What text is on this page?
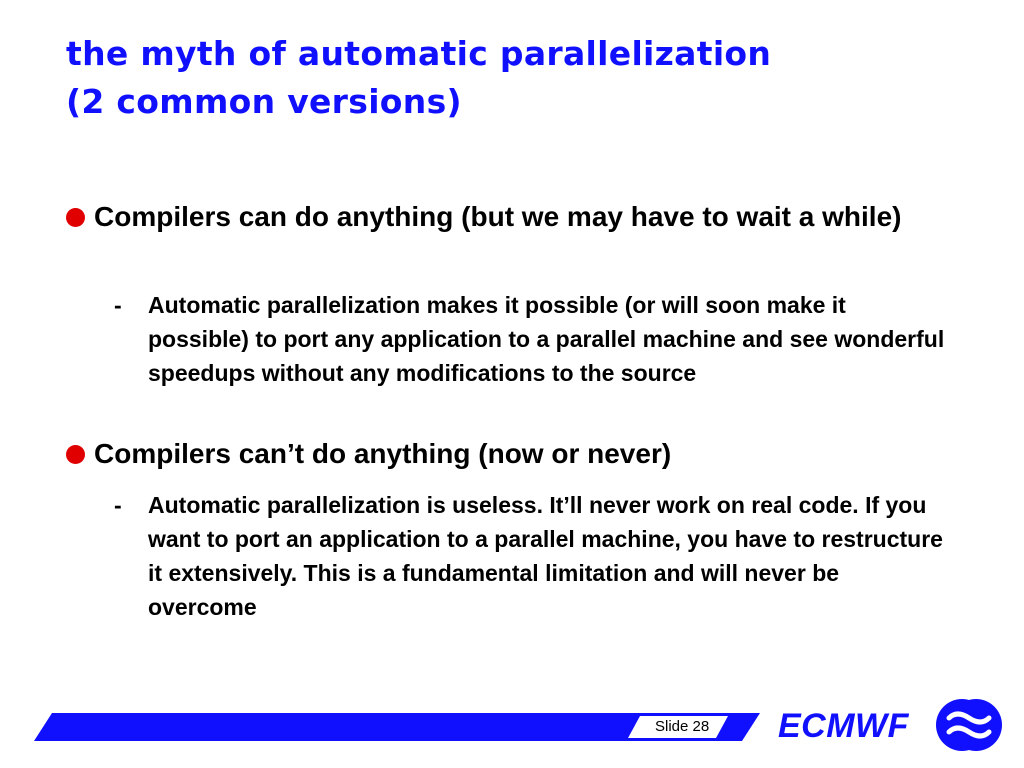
the myth of automatic parallelization
(2 common versions)
Compilers can do anything (but we may have to wait a while)
- Automatic parallelization makes it possible (or will soon make it possible) to port any application to a parallel machine and see wonderful speedups without any modifications to the source
Compilers can’t do anything (now or never)
- Automatic parallelization is useless. It’ll never work on real code. If you want to port an application to a parallel machine, you have to restructure it extensively. This is a fundamental limitation and will never be overcome
Slide 28 ECMWF
